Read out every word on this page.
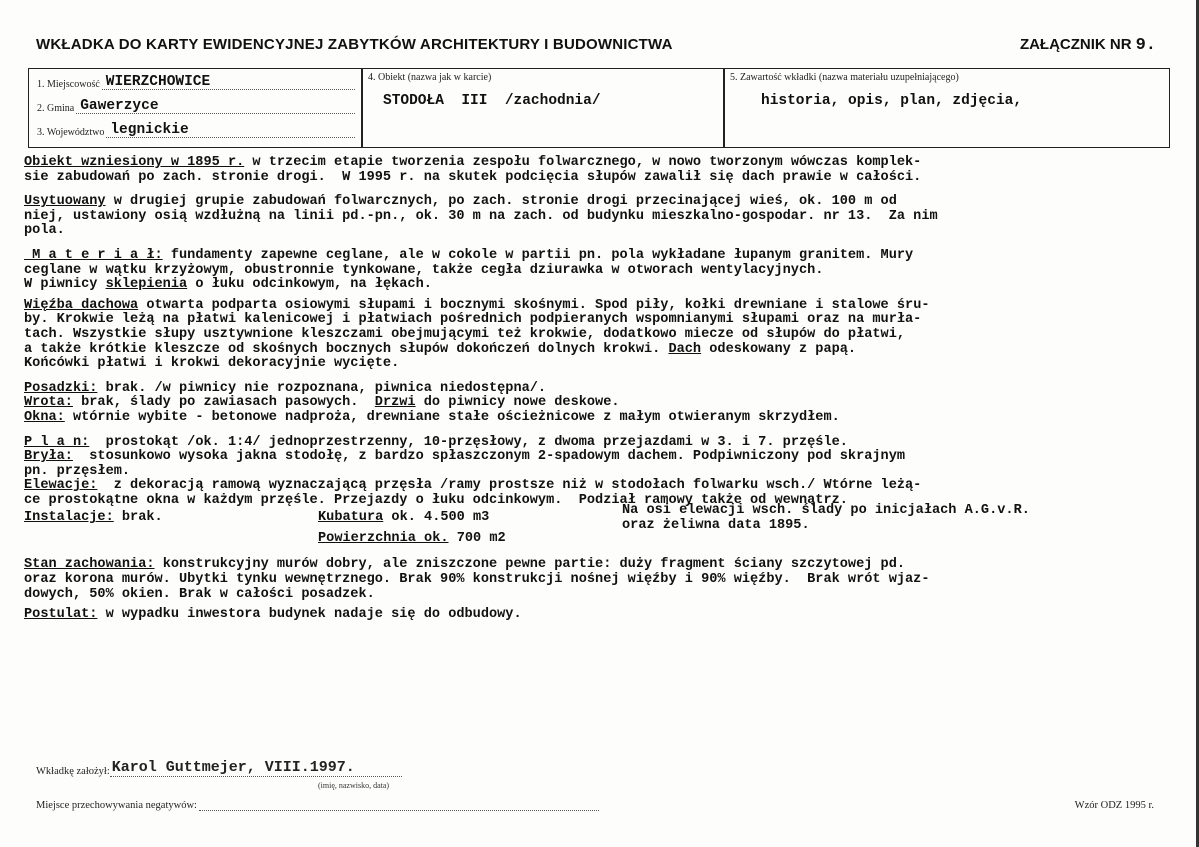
WKŁADKA DO KARTY EWIDENCYJNEJ ZABYTKÓW ARCHITEKTURY I BUDOWNICTWA	ZAŁĄCZNIK NR 9.
1. Miejscowość WIERZCHOWICE
2. Gmina Gawerzyce
3. Województwo legnickie
4. Obiekt (nazwa jak w karcie)
STODOŁA  III  /zachodnia/
5. Zawartość wkładki (nazwa materiału uzupełniającego)
historia, opis, plan, zdjęcia,
Obiekt wzniesiony w 1895 r. w trzecim etapie tworzenia zespołu folwarcznego, w nowo tworzonym wówczas komplek-
sie zabudowań po zach. stronie drogi.  W 1995 r. na skutek podcięcia słupów zawalił się dach prawie w całości.
Usytuowany w drugiej grupie zabudowań folwarcznych, po zach. stronie drogi przecinającej wieś, ok. 100 m od
niej, ustawiony osią wzdłużną na linii pd.-pn., ok. 30 m na zach. od budynku mieszkalno-gospodar. nr 13.  Za nim
pola.
M a t e r i a ł: fundamenty zapewne ceglane, ale w cokole w partii pn. pola wykładane łupanym granitem. Mury
ceglane w wątku krzyżowym, obustronnie tynkowane, także cegła dziurawka w otworach wentylacyjnych.
W piwnicy sklepienia o łuku odcinkowym, na łękach.
Więźba dachowa otwarta podparta osiowymi słupami i bocznymi skośnymi. Spod piły, kołki drewniane i stalowe śru-
by. Krokwie leżą na płatwi kalenicowej i płatwiach pośrednich podpieranych wspomnianymi słupami oraz na murła-
tach. Wszystkie słupy usztywnione kleszczami obejmującymi też krokwie, dodatkowo miecze od słupów do płatwi,
a także krótkie kleszcze od skośnych bocznych słupów dokończeń dolnych krokwi. Dach odeskowany z papą.
Końcówki płatwi i krokwi dekoracyjnie wycięte.
Posadzki: brak. /w piwnicy nie rozpoznana, piwnica niedostępna/.
Wrota: brak, ślady po zawiasach pasowych.  Drzwi do piwnicy nowe deskowe.
Okna: wtórnie wybite - betonowe nadproża, drewniane stałe ościeżnicowe z małym otwieranym skrzydłem.
P l a n:  prostokąt /ok. 1:4/ jednoprzestrzenny, 10-przęsłowy, z dwoma przejazdami w 3. i 7. przęśle.
Bryła:  stosunkowo wysoka jakna stodołę, z bardzo spłaszczonym 2-spadowym dachem. Podpiwniczony pod skrajnym
pn. przęsłem.
Elewacje:  z dekoracją ramową wyznaczającą przęsła /ramy prostsze niż w stodołach folwarku wsch./ Wtórne leżą-
ce prostokątne okna w każdym przęśle. Przejazdy o łuku odcinkowym.  Podział ramowy także od wewnątrz.

Instalacje: brak.

	Kubatura ok. 4.500 m3

Powierzchnia ok. 700 m2

Na osi elewacji wsch. ślady po inicjałach A.G.v.R.
oraz żeliwna data 1895.

Stan zachowania: konstrukcyjny murów dobry, ale zniszczone pewne partie: duży fragment ściany szczytowej pd.
oraz korona murów. Ubytki tynku wewnętrznego. Brak 90% konstrukcji nośnej więźby i 90% więźby.  Brak wrót wjaz-
dowych, 50% okien. Brak w całości posadzek.
Postulat: w wypadku inwestora budynek nadaje się do odbudowy.
Wkładkę założył: Karol Guttmejer, VIII.1997.
(imię, nazwisko, data)
Miejsce przechowywania negatywów:	Wzór ODZ 1995 r.
